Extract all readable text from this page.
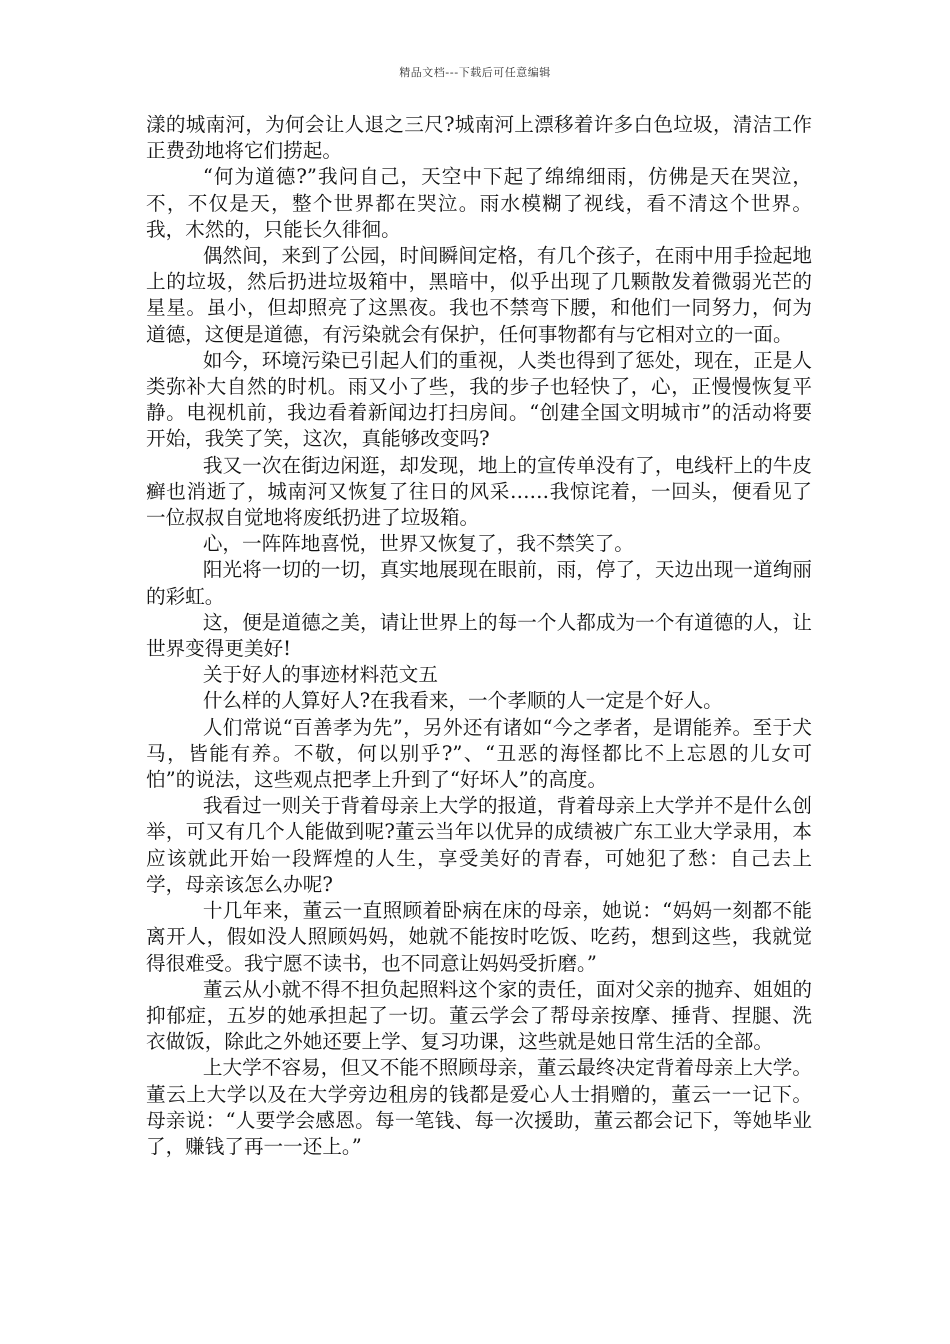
精品文档---下载后可任意编辑

漾的城南河，为何会让人退之三尺?城南河上漂移着许多白色垃圾，清洁工作正费劲地将它们捞起。

“何为道德?”我问自己，天空中下起了绵绵细雨，仿佛是天在哭泣，不，不仅是天，整个世界都在哭泣。雨水模糊了视线，看不清这个世界。我，木然的，只能长久徘徊。

偶然间，来到了公园，时间瞬间定格，有几个孩子，在雨中用手捡起地上的垃圾，然后扔进垃圾箱中，黑暗中，似乎出现了几颗散发着微弱光芒的星星。虽小，但却照亮了这黑夜。我也不禁弯下腰，和他们一同努力，何为道德，这便是道德，有污染就会有保护，任何事物都有与它相对立的一面。

如今，环境污染已引起人们的重视，人类也得到了惩处，现在，正是人类弥补大自然的时机。雨又小了些，我的步子也轻快了，心，正慢慢恢复平静。电视机前，我边看着新闻边打扫房间。“创建全国文明城市”的活动将要开始，我笑了笑，这次，真能够改变吗?

我又一次在街边闲逛，却发现，地上的宣传单没有了，电线杆上的牛皮癣也消逝了，城南河又恢复了往日的风采……我惊诧着，一回头，便看见了一位叔叔自觉地将废纸扔进了垃圾箱。

心，一阵阵地喜悦，世界又恢复了，我不禁笑了。

阳光将一切的一切，真实地展现在眼前，雨，停了，天边出现一道绚丽的彩虹。

这，便是道德之美，请让世界上的每一个人都成为一个有道德的人，让世界变得更美好!

关于好人的事迹材料范文五

什么样的人算好人?在我看来，一个孝顺的人一定是个好人。

人们常说“百善孝为先”，另外还有诸如“今之孝者，是谓能养。至于犬马，皆能有养。不敬，何以别乎?”、“丑恶的海怪都比不上忘恩的儿女可怕”的说法，这些观点把孝上升到了“好坏人”的高度。

我看过一则关于背着母亲上大学的报道，背着母亲上大学并不是什么创举，可又有几个人能做到呢?董云当年以优异的成绩被广东工业大学录用，本应该就此开始一段辉煌的人生，享受美好的青春，可她犯了愁：自己去上学，母亲该怎么办呢?

十几年来，董云一直照顾着卧病在床的母亲，她说：“妈妈一刻都不能离开人，假如没人照顾妈妈，她就不能按时吃饭、吃药，想到这些，我就觉得很难受。我宁愿不读书，也不同意让妈妈受折磨。”

董云从小就不得不担负起照料这个家的责任，面对父亲的抛弃、姐姐的抑郁症，五岁的她承担起了一切。董云学会了帮母亲按摩、捶背、捏腿、洗衣做饭，除此之外她还要上学、复习功课，这些就是她日常生活的全部。

上大学不容易，但又不能不照顾母亲，董云最终决定背着母亲上大学。董云上大学以及在大学旁边租房的钱都是爱心人士捐赠的，董云一一记下。母亲说：“人要学会感恩。每一笔钱、每一次援助，董云都会记下，等她毕业了，赚钱了再一一还上。”
